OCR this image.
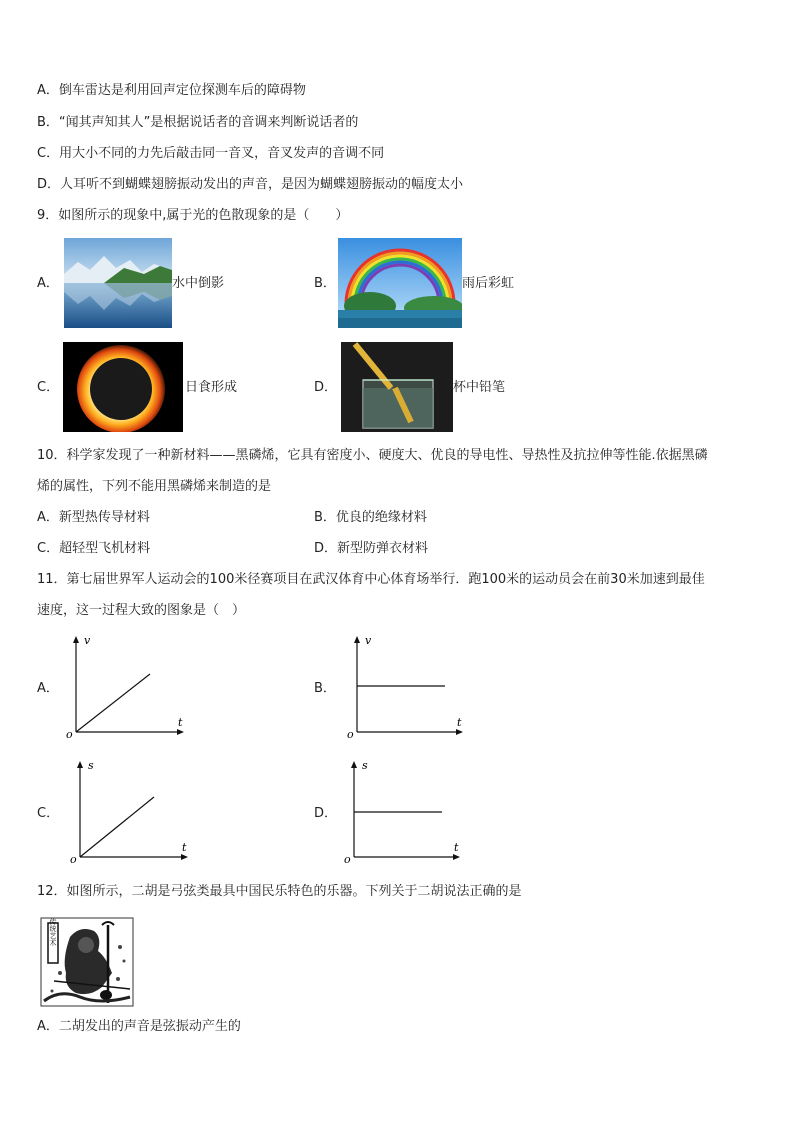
A．倒车雷达是利用回声定位探测车后的障碍物
B．“闻其声知其人”是根据说话者的音调来判断说话者的
C．用大小不同的力先后敲击同一音叉，音叉发声的音调不同
D．人耳听不到蝴蝶翅膀振动发出的声音，是因为蝴蝶翅膀振动的幅度太小
9．如图所示的现象中,属于光的色散现象的是（　　）
A．	水中倒影	B．	雨后彩虹
C．	日食形成	D．	杯中铅笔
10．科学家发现了一种新材料——黑磷烯，它具有密度小、硬度大、优良的导电性、导热性及抗拉伸等性能.依据黑磷
烯的属性，下列不能用黑磷烯来制造的是
A．新型热传导材料	B．优良的绝缘材料
C．超轻型飞机材料	D．新型防弹衣材料
11．第七届世界军人运动会的100米径赛项目在武汉体育中心体育场举行．跑100米的运动员会在前30米加速到最佳
速度，这一过程大致的图象是（　）
A．
v
t
o
B．
v
t
o
C．
s
t
o
D．
s
t
o
12．如图所示，二胡是弓弦类最具中国民乐特色的乐器。下列关于二胡说法正确的是
传统艺术
A．二胡发出的声音是弦振动产生的
